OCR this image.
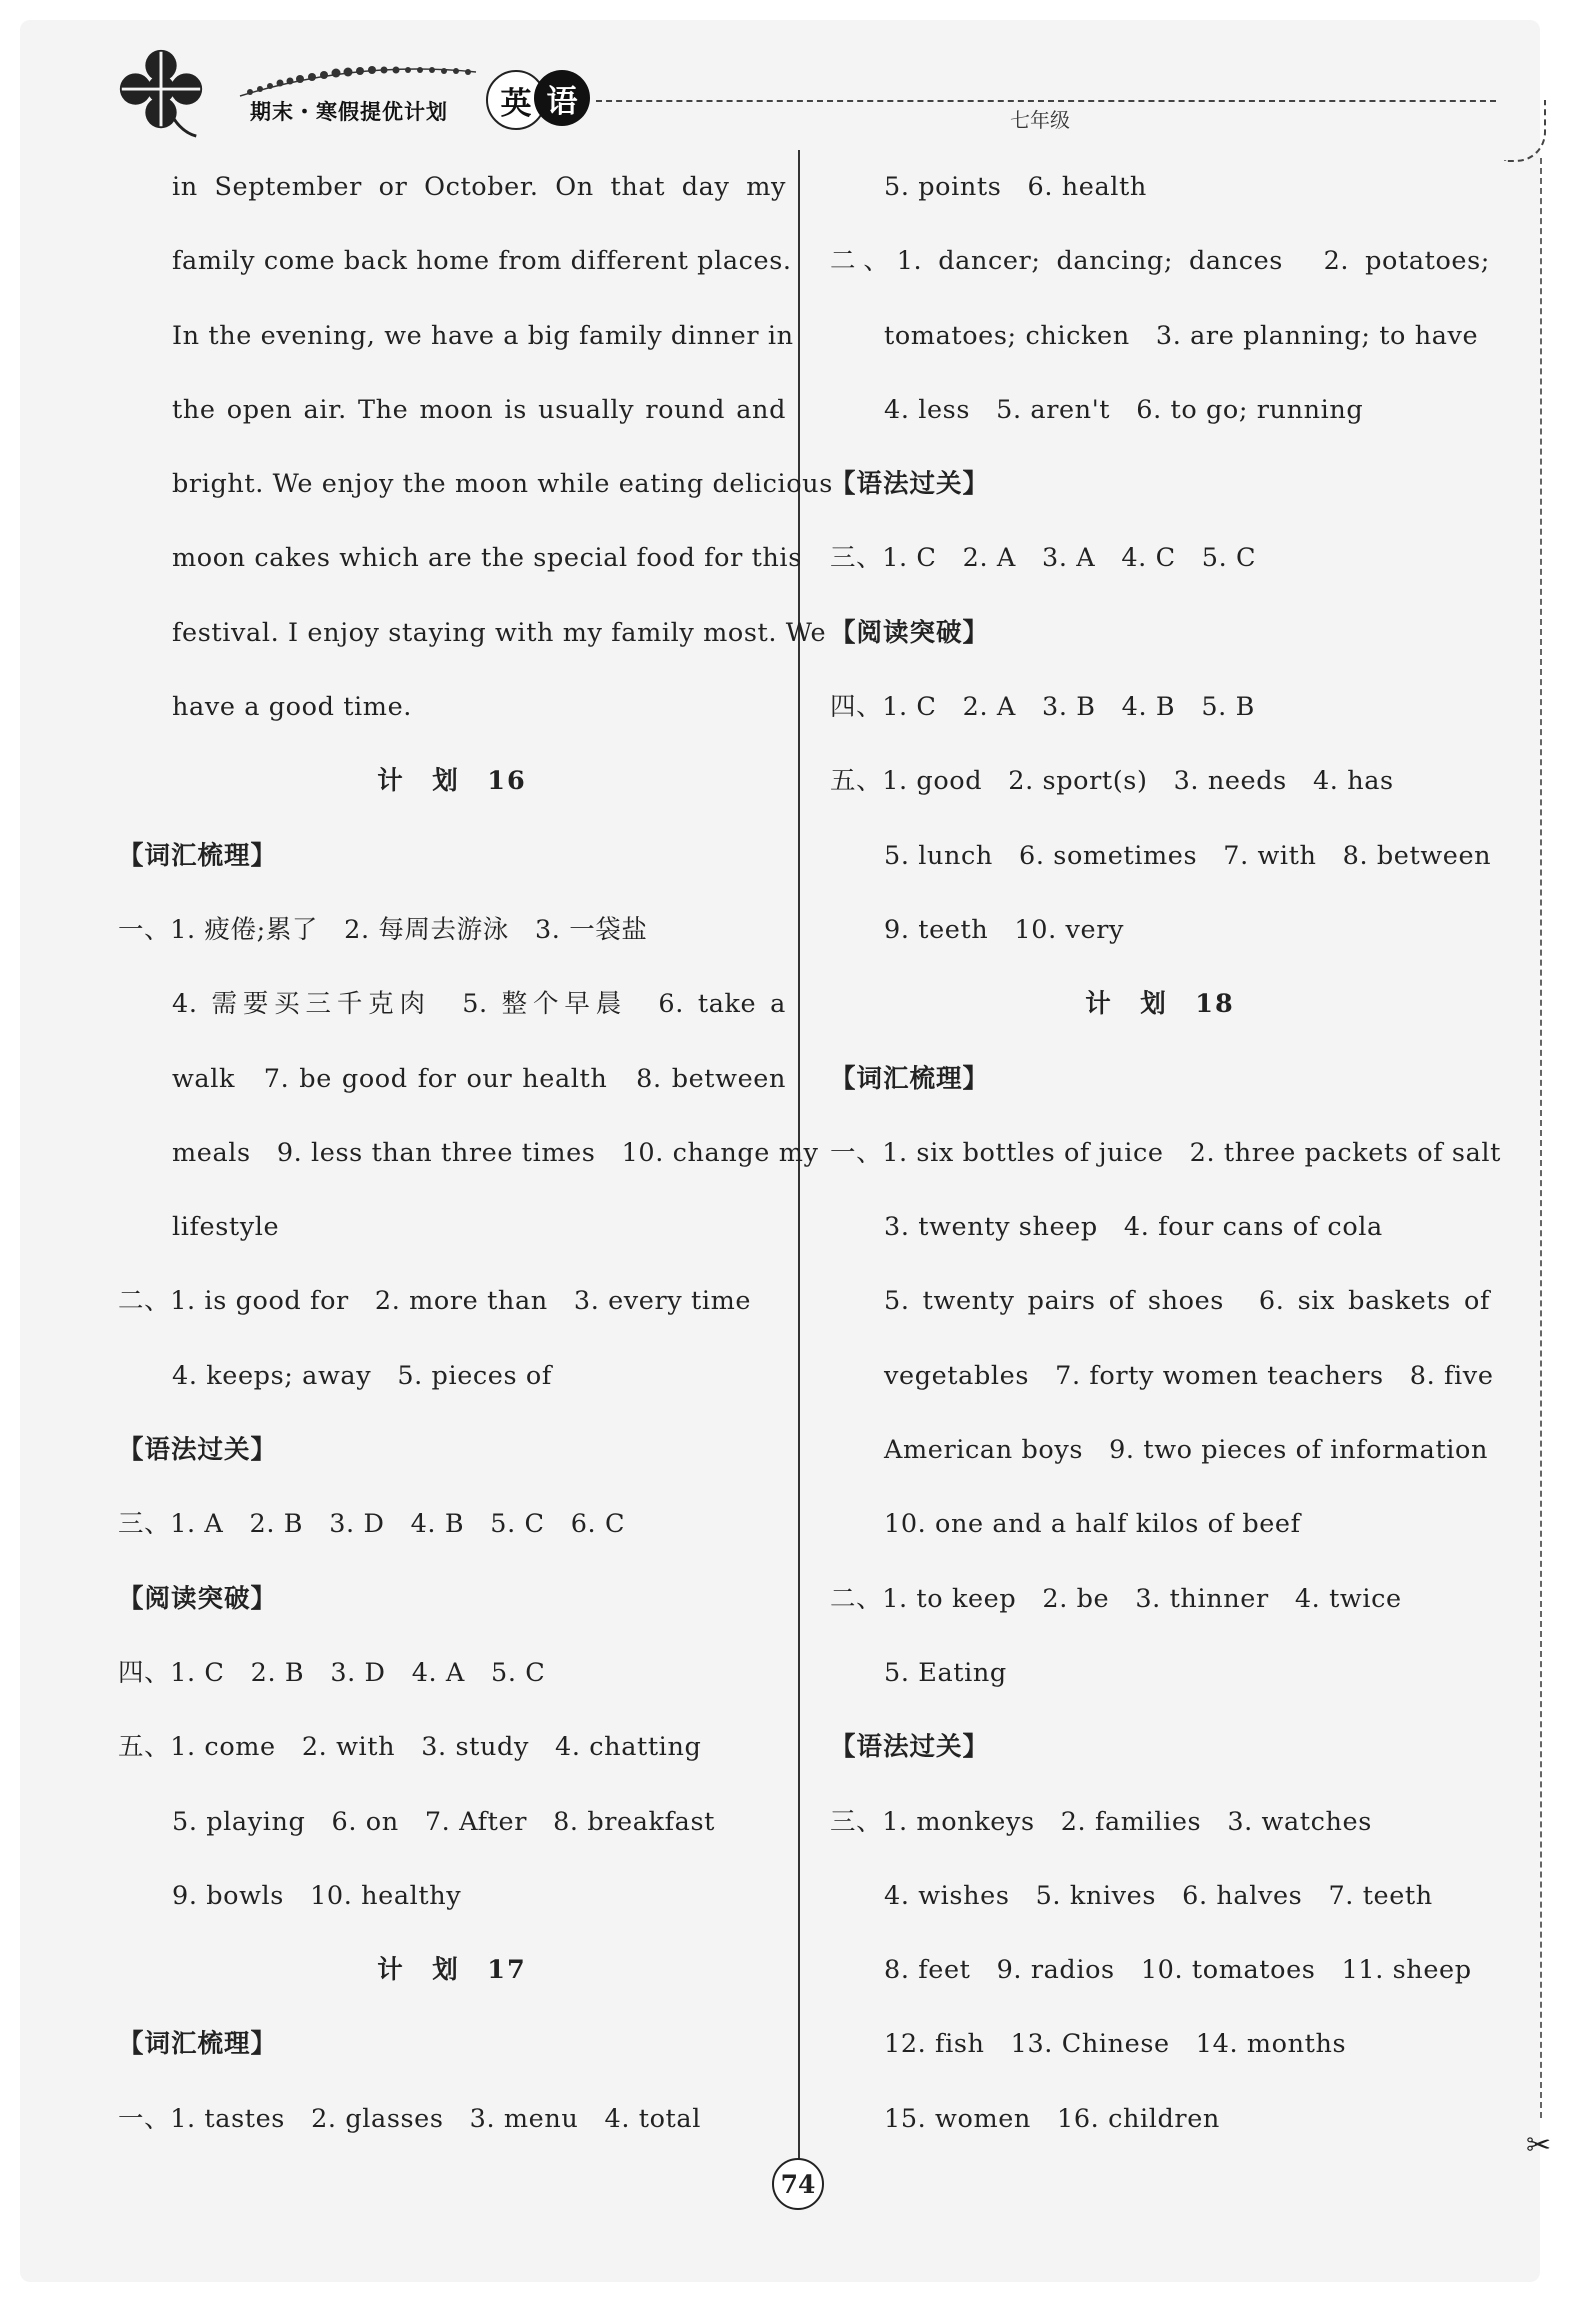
期末・寒假提优计划	英 语
七年级
in September or October. On that day my
family come back home from different places.
In the evening, we have a big family dinner in
the open air. The moon is usually round and
bright. We enjoy the moon while eating delicious
moon cakes which are the special food for this
festival. I enjoy staying with my family most. We
have a good time.
计　划　16
【词汇梳理】
一、1. 疲倦;累了　2. 每周去游泳　3. 一袋盐
4. 需要买三千克肉　5. 整个早晨　6. take a
walk　7. be good for our health　8. between
meals　9. less than three times　10. change my
lifestyle
二、1. is good for　2. more than　3. every time
4. keeps; away　5. pieces of
【语法过关】
三、1. A　2. B　3. D　4. B　5. C　6. C
【阅读突破】
四、1. C　2. B　3. D　4. A　5. C
五、1. come　2. with　3. study　4. chatting
5. playing　6. on　7. After　8. breakfast
9. bowls　10. healthy
计　划　17
【词汇梳理】
一、1. tastes　2. glasses　3. menu　4. total
5. points　6. health
二、1. dancer; dancing; dances　2. potatoes;
tomatoes; chicken　3. are planning; to have
4. less　5. aren't　6. to go; running
【语法过关】
三、1. C　2. A　3. A　4. C　5. C
【阅读突破】
四、1. C　2. A　3. B　4. B　5. B
五、1. good　2. sport(s)　3. needs　4. has
5. lunch　6. sometimes　7. with　8. between
9. teeth　10. very
计　划　18
【词汇梳理】
一、1. six bottles of juice　2. three packets of salt
3. twenty sheep　4. four cans of cola
5. twenty pairs of shoes　6. six baskets of
vegetables　7. forty women teachers　8. five
American boys　9. two pieces of information
10. one and a half kilos of beef
二、1. to keep　2. be　3. thinner　4. twice
5. Eating
【语法过关】
三、1. monkeys　2. families　3. watches
4. wishes　5. knives　6. halves　7. teeth
8. feet　9. radios　10. tomatoes　11. sheep
12. fish　13. Chinese　14. months
15. women　16. children
74
✂
